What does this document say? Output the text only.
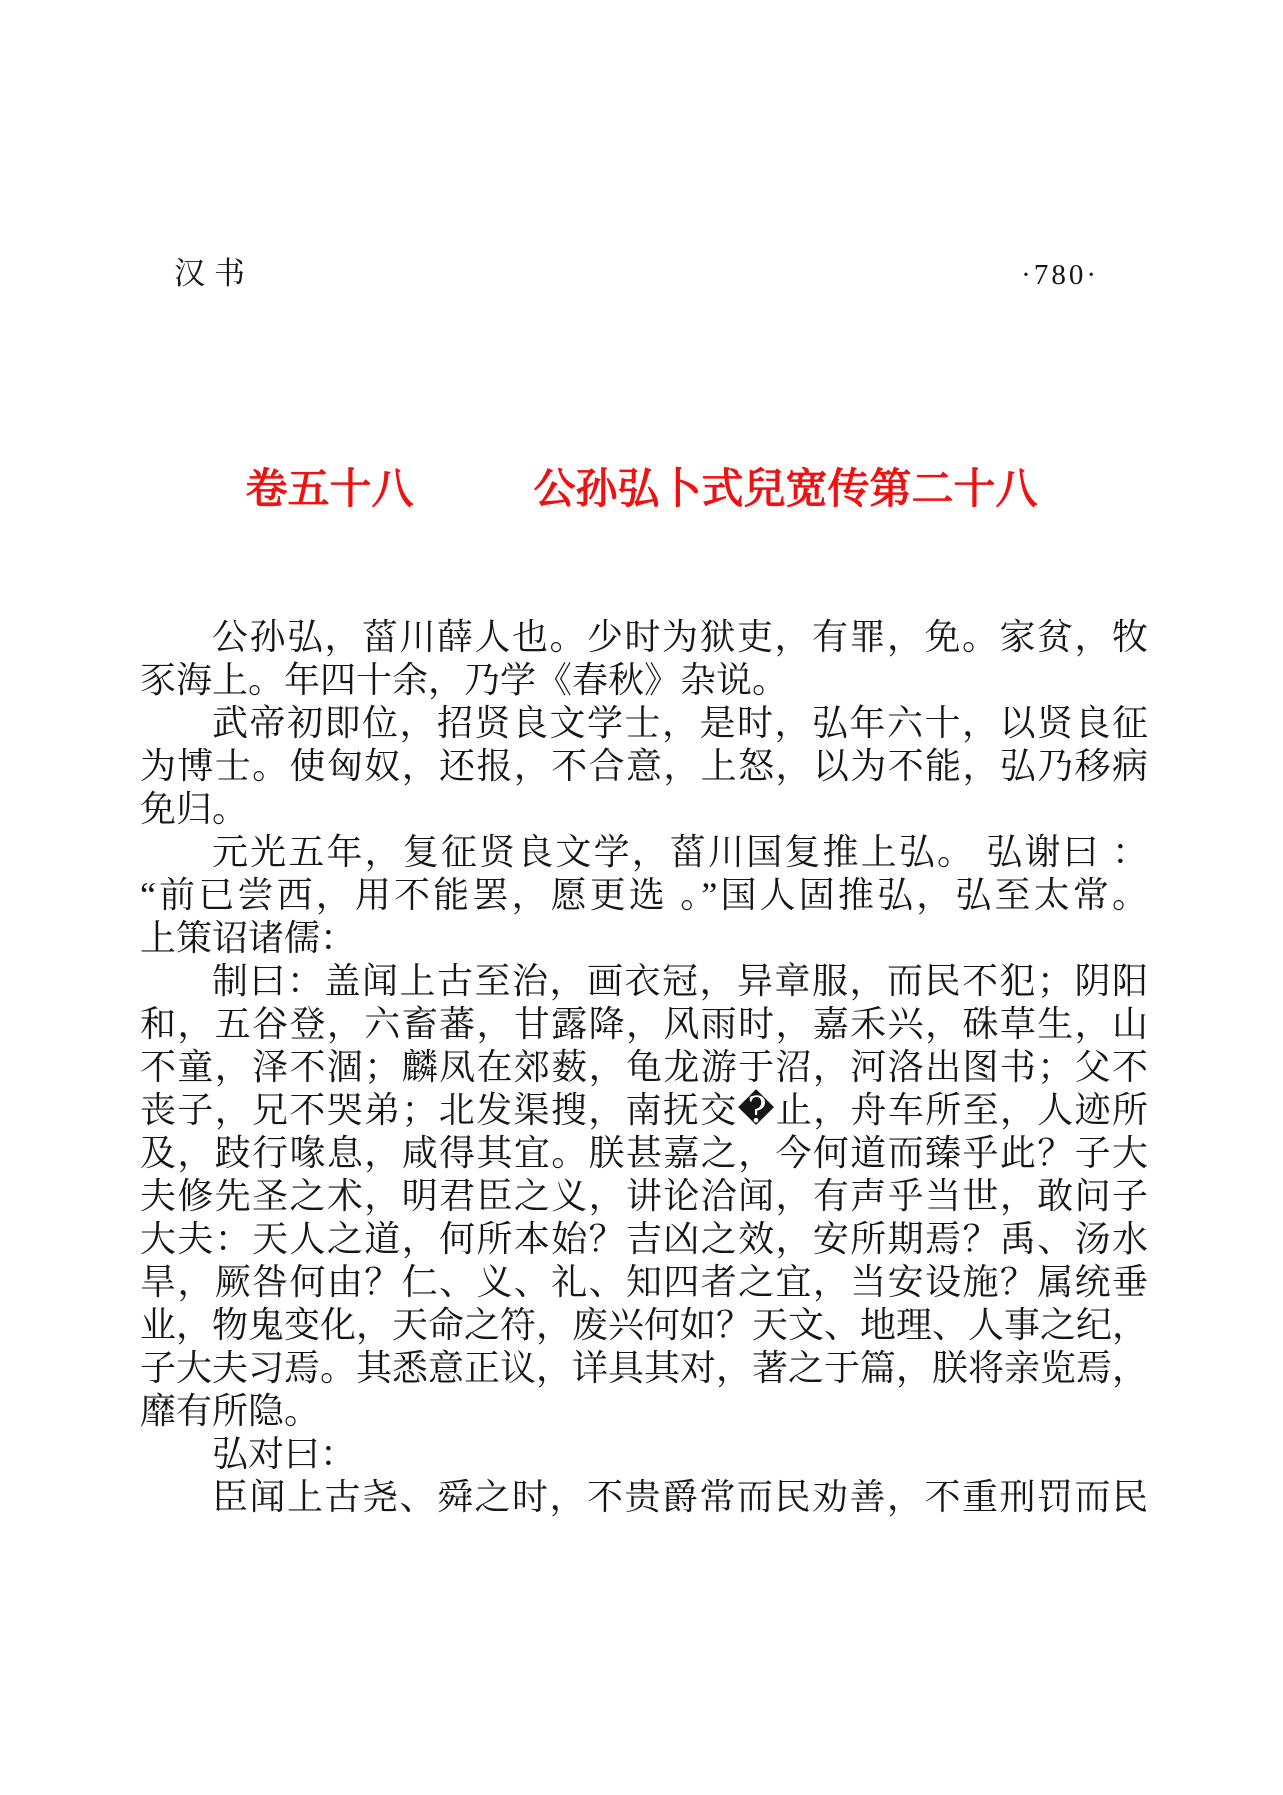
汉书	·780·
卷五十八	公孙弘卜式兒宽传第二十八
公孙弘，菑川薛人也。少时为狱吏，有罪，免。家贫，牧
豕海上。年四十余，乃学《春秋》杂说。
武帝初即位，招贤良文学士，是时，弘年六十，以贤良征
为博士。使匈奴，还报，不合意，上怒，以为不能，弘乃移病
免归。
元光五年，复征贤良文学，菑川国复推上弘。 弘谢曰 ：
“前已尝西，用不能罢，愿更选 。”国人固推弘，弘至太常。
上策诏诸儒：
制曰：盖闻上古至治，画衣冠，异章服，而民不犯；阴阳
和，五谷登，六畜蕃，甘露降，风雨时，嘉禾兴，硃草生，山
不童，泽不涸；麟凤在郊薮，龟龙游于沼，河洛出图书；父不
丧子，兄不哭弟；北发渠搜，南抚交�止，舟车所至，人迹所
及，跂行喙息，咸得其宜。朕甚嘉之，今何道而臻乎此？子大
夫修先圣之术，明君臣之义，讲论洽闻，有声乎当世，敢问子
大夫：天人之道，何所本始？吉凶之效，安所期焉？禹、汤水
旱，厥咎何由？仁、义、礼、知四者之宜，当安设施？属统垂
业，物鬼变化，天命之符，废兴何如？天文、地理、人事之纪，
子大夫习焉。其悉意正议，详具其对，著之于篇，朕将亲览焉，
靡有所隐。
弘对曰：
臣闻上古尧、舜之时，不贵爵常而民劝善，不重刑罚而民
